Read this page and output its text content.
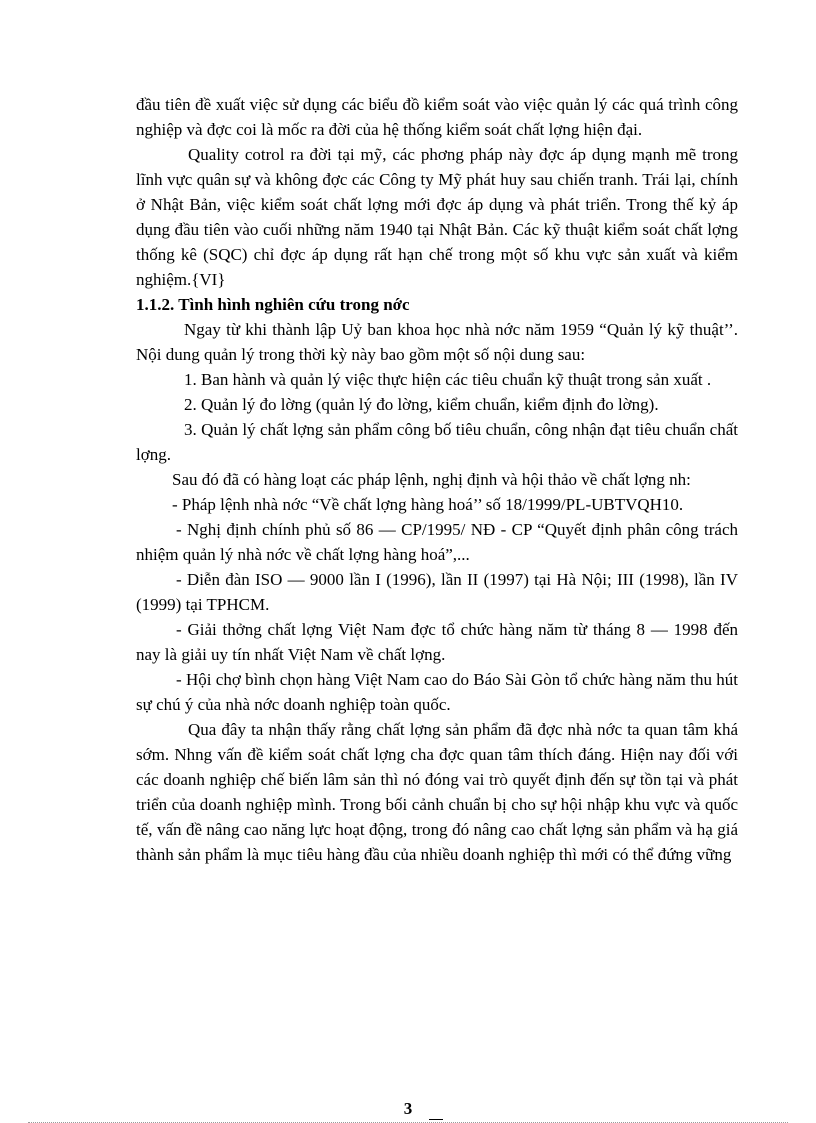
đầu tiên đề xuất việc sử dụng các biểu đồ kiểm soát vào việc quản lý các quá trình công nghiệp và đợc coi là mốc ra đời của hệ thống kiểm soát chất lợng hiện đại.

Quality cotrol ra đời tại mỹ, các phơng pháp này đợc áp dụng mạnh mẽ trong lĩnh vực quân sự và không đợc các Công ty Mỹ phát huy sau chiến tranh. Trái lại, chính ở Nhật Bản, việc kiểm soát chất lợng mới đợc áp dụng và phát triển. Trong thế kỷ áp dụng đầu tiên vào cuối những năm 1940 tại Nhật Bản. Các kỹ thuật kiểm soát chất lợng thống kê (SQC) chỉ đợc áp dụng rất hạn chế trong một số khu vực sản xuất và kiểm nghiệm.{VI}

1.1.2. Tình hình nghiên cứu trong nớc

Ngay từ khi thành lập Uỷ ban khoa học nhà nớc năm 1959 “Quản lý kỹ thuật’’. Nội dung quản lý trong thời kỳ này bao gồm một số nội dung sau:

1. Ban hành và quản lý việc thực hiện các tiêu chuẩn kỹ thuật trong sản xuất .

2. Quản lý đo lờng (quản lý đo lờng, kiểm chuẩn, kiểm định đo lờng).

3. Quản lý chất lợng sản phẩm công bố tiêu chuẩn, công nhận đạt tiêu chuẩn chất lợng.

Sau đó đã có hàng loạt các pháp lệnh, nghị định và hội thảo về chất lợng nh:

- Pháp lệnh nhà nớc “Về chất lợng hàng hoá’’ số 18/1999/PL-UBTVQH10.

- Nghị định chính phủ số 86 — CP/1995/ NĐ - CP “Quyết định phân công trách nhiệm quản lý nhà nớc về chất lợng hàng hoá”,...

- Diễn đàn ISO — 9000 lần I (1996), lần II (1997) tại Hà Nội; III (1998), lần IV (1999) tại TPHCM.

- Giải thởng chất lợng Việt Nam đợc tổ chức hàng năm từ tháng 8 — 1998 đến nay là giải uy tín nhất Việt Nam về chất lợng.

- Hội chợ bình chọn hàng Việt Nam cao do Báo Sài Gòn tổ chức hàng năm thu hút sự chú ý của nhà nớc doanh nghiệp toàn quốc.

Qua đây ta nhận thấy rằng chất lợng sản phẩm đã đợc nhà nớc ta quan tâm khá sớm. Nhng vấn đề kiểm soát chất lợng cha đợc quan tâm thích đáng. Hiện nay đối với các doanh nghiệp chế biến lâm sản thì nó đóng vai trò quyết định đến sự tồn tại và phát triển của doanh nghiệp mình. Trong bối cảnh chuẩn bị cho sự hội nhập khu vực và quốc tế, vấn đề nâng cao năng lực hoạt động, trong đó nâng cao chất lợng sản phẩm và hạ giá thành sản phẩm là mục tiêu hàng đầu của nhiều doanh nghiệp thì mới có thể đứng vững

3
